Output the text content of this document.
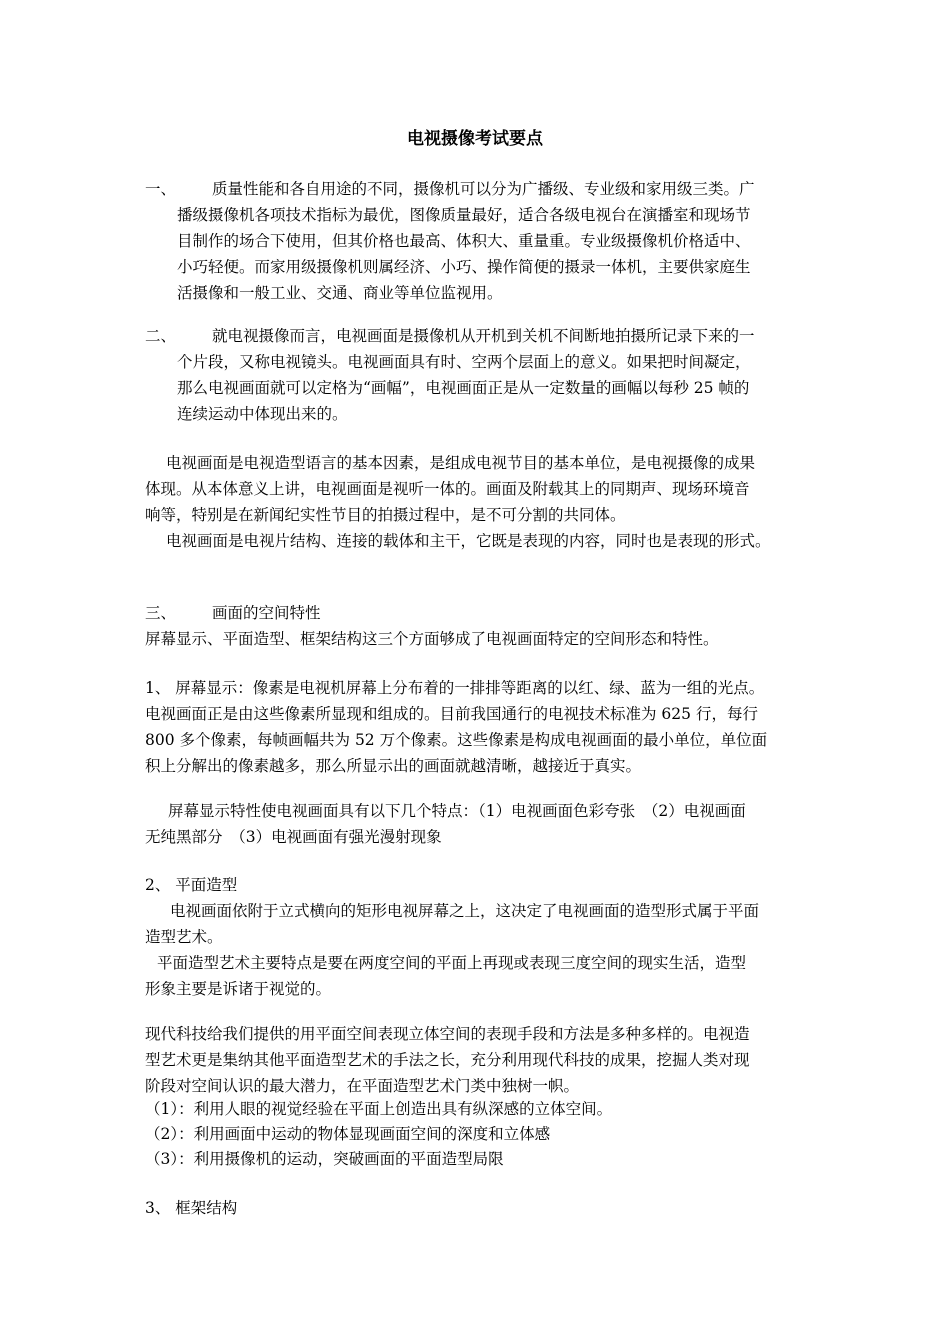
电视摄像考试要点
一、 质量性能和各自用途的不同，摄像机可以分为广播级、专业级和家用级三类。广
播级摄像机各项技术指标为最优，图像质量最好，适合各级电视台在演播室和现场节
目制作的场合下使用，但其价格也最高、体积大、重量重。专业级摄像机价格适中、
小巧轻便。而家用级摄像机则属经济、小巧、操作简便的摄录一体机，主要供家庭生
活摄像和一般工业、交通、商业等单位监视用。
二、 就电视摄像而言，电视画面是摄像机从开机到关机不间断地拍摄所记录下来的一
个片段，又称电视镜头。电视画面具有时、空两个层面上的意义。如果把时间凝定，
那么电视画面就可以定格为“画幅”，电视画面正是从一定数量的画幅以每秒 25 帧的
连续运动中体现出来的。
电视画面是电视造型语言的基本因素，是组成电视节目的基本单位，是电视摄像的成果
体现。从本体意义上讲，电视画面是视听一体的。画面及附载其上的同期声、现场环境音
响等，特别是在新闻纪实性节目的拍摄过程中，是不可分割的共同体。
电视画面是电视片结构、连接的载体和主干，它既是表现的内容，同时也是表现的形式。
三、 画面的空间特性
屏幕显示、平面造型、框架结构这三个方面够成了电视画面特定的空间形态和特性。
1、 屏幕显示：像素是电视机屏幕上分布着的一排排等距离的以红、绿、蓝为一组的光点。
电视画面正是由这些像素所显现和组成的。目前我国通行的电视技术标准为 625 行，每行
800 多个像素，每帧画幅共为 52 万个像素。这些像素是构成电视画面的最小单位，单位面
积上分解出的像素越多，那么所显示出的画面就越清晰，越接近于真实。
屏幕显示特性使电视画面具有以下几个特点：（1）电视画面色彩夸张　（2）电视画面
无纯黑部分　（3）电视画面有强光漫射现象
2、 平面造型
电视画面依附于立式横向的矩形电视屏幕之上，这决定了电视画面的造型形式属于平面
造型艺术。
平面造型艺术主要特点是要在两度空间的平面上再现或表现三度空间的现实生活，造型
形象主要是诉诸于视觉的。
现代科技给我们提供的用平面空间表现立体空间的表现手段和方法是多种多样的。电视造
型艺术更是集纳其他平面造型艺术的手法之长，充分利用现代科技的成果，挖掘人类对现
阶段对空间认识的最大潜力，在平面造型艺术门类中独树一帜。
（1）：利用人眼的视觉经验在平面上创造出具有纵深感的立体空间。
（2）：利用画面中运动的物体显现画面空间的深度和立体感
（3）：利用摄像机的运动，突破画面的平面造型局限
3、 框架结构
